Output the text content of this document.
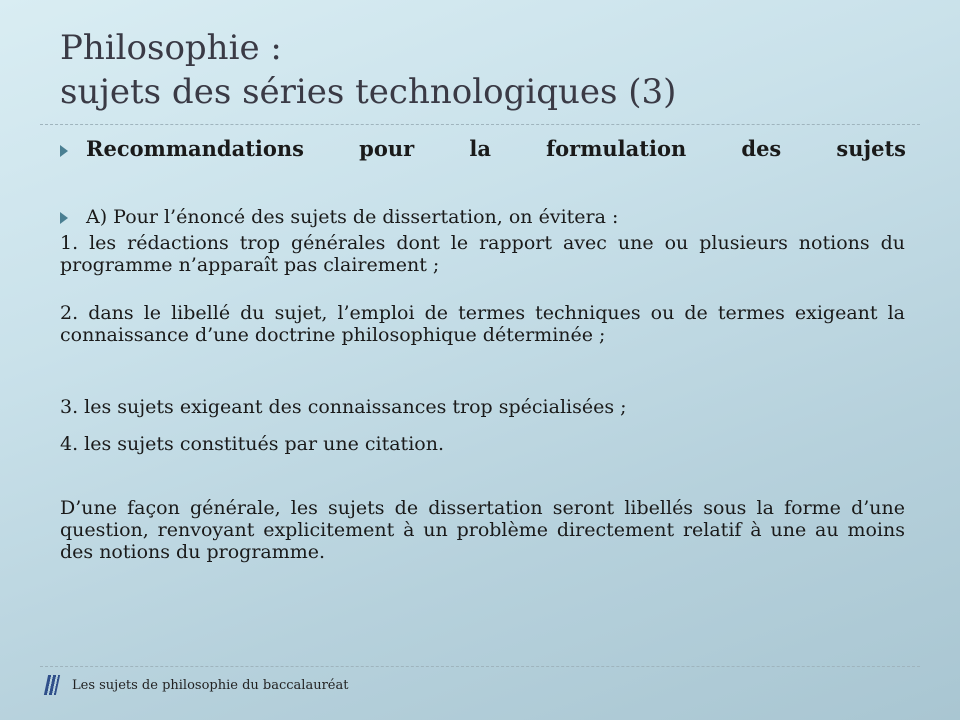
Philosophie :
sujets des séries technologiques (3)
Recommandations	pour	la	formulation	des	sujets
A) Pour l’énoncé des sujets de dissertation, on évitera :

1. les rédactions trop générales dont le rapport avec une ou plusieurs notions du programme n’apparaît pas clairement ;

2. dans le libellé du sujet, l’emploi de termes techniques ou de termes exigeant la connaissance d’une doctrine philosophique déterminée ;

3. les sujets exigeant des connaissances trop spécialisées ;

4. les sujets constitués par une citation.

D’une façon générale, les sujets de dissertation seront libellés sous la forme d’une question, renvoyant explicitement à un problème directement relatif à une au moins des notions du programme.

Les sujets de philosophie du baccalauréat
